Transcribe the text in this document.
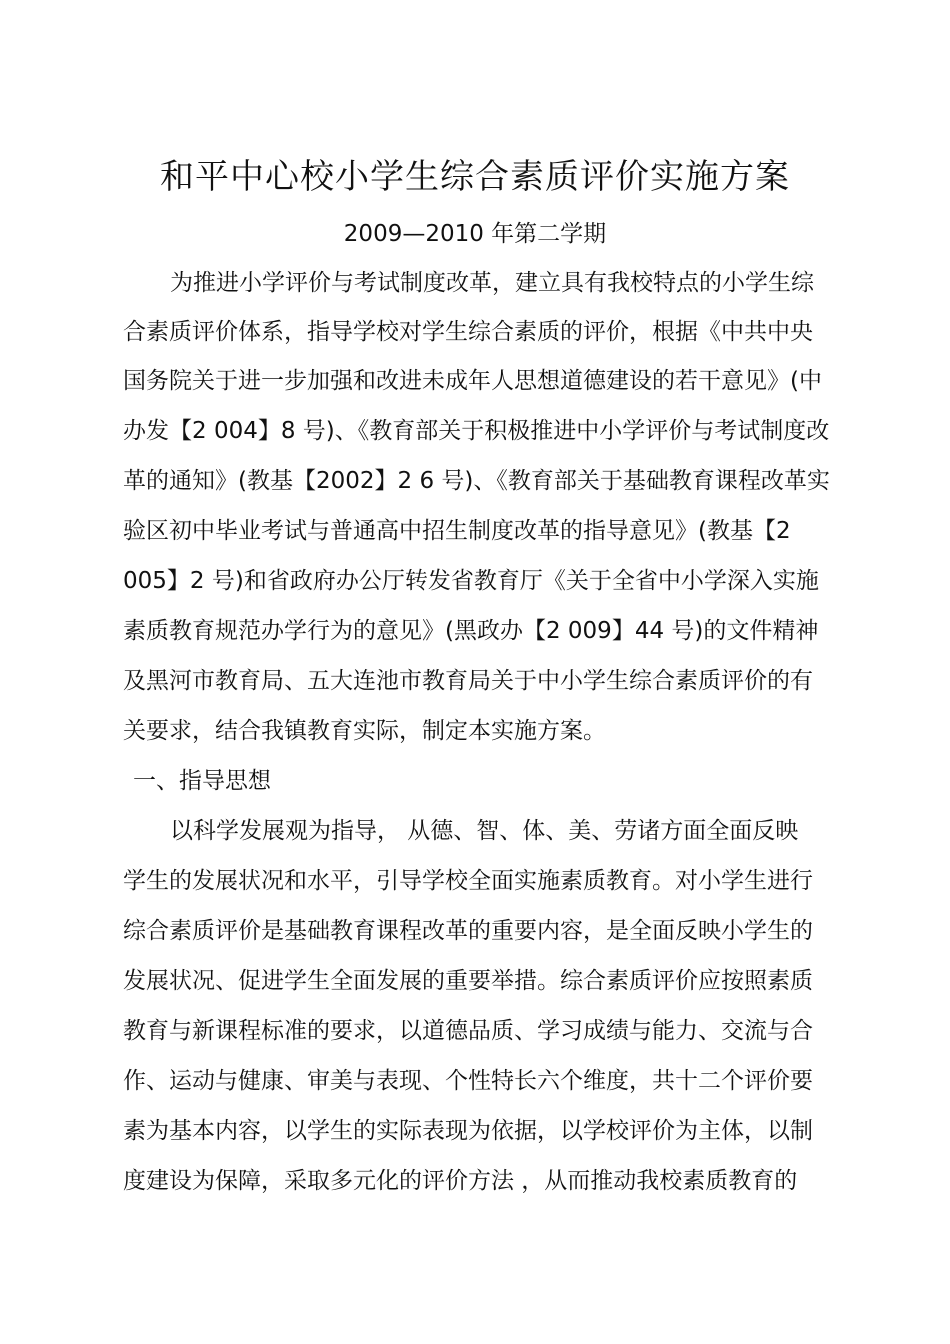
和平中心校小学生综合素质评价实施方案
2009—2010 年第二学期
为推进小学评价与考试制度改革，建立具有我校特点的小学生综
合素质评价体系，指导学校对学生综合素质的评价，根据《中共中央
国务院关于进一步加强和改进未成年人思想道德建设的若干意见》(中
办发【2 004】8 号)、《教育部关于积极推进中小学评价与考试制度改
革的通知》(教基【2002】2 6 号)、《教育部关于基础教育课程改革实
验区初中毕业考试与普通高中招生制度改革的指导意见》(教基【2
005】2 号)和省政府办公厅转发省教育厅《关于全省中小学深入实施
素质教育规范办学行为的意见》(黑政办【2 009】44 号)的文件精神
及黑河市教育局、五大连池市教育局关于中小学生综合素质评价的有
关要求，结合我镇教育实际，制定本实施方案。
一、指导思想
以科学发展观为指导， 从德、智、体、美、劳诸方面全面反映
学生的发展状况和水平，引导学校全面实施素质教育。对小学生进行
综合素质评价是基础教育课程改革的重要内容，是全面反映小学生的
发展状况、促进学生全面发展的重要举措。综合素质评价应按照素质
教育与新课程标准的要求，以道德品质、学习成绩与能力、交流与合
作、运动与健康、审美与表现、个性特长六个维度，共十二个评价要
素为基本内容，以学生的实际表现为依据，以学校评价为主体，以制
度建设为保障，采取多元化的评价方法 ，从而推动我校素质教育的
